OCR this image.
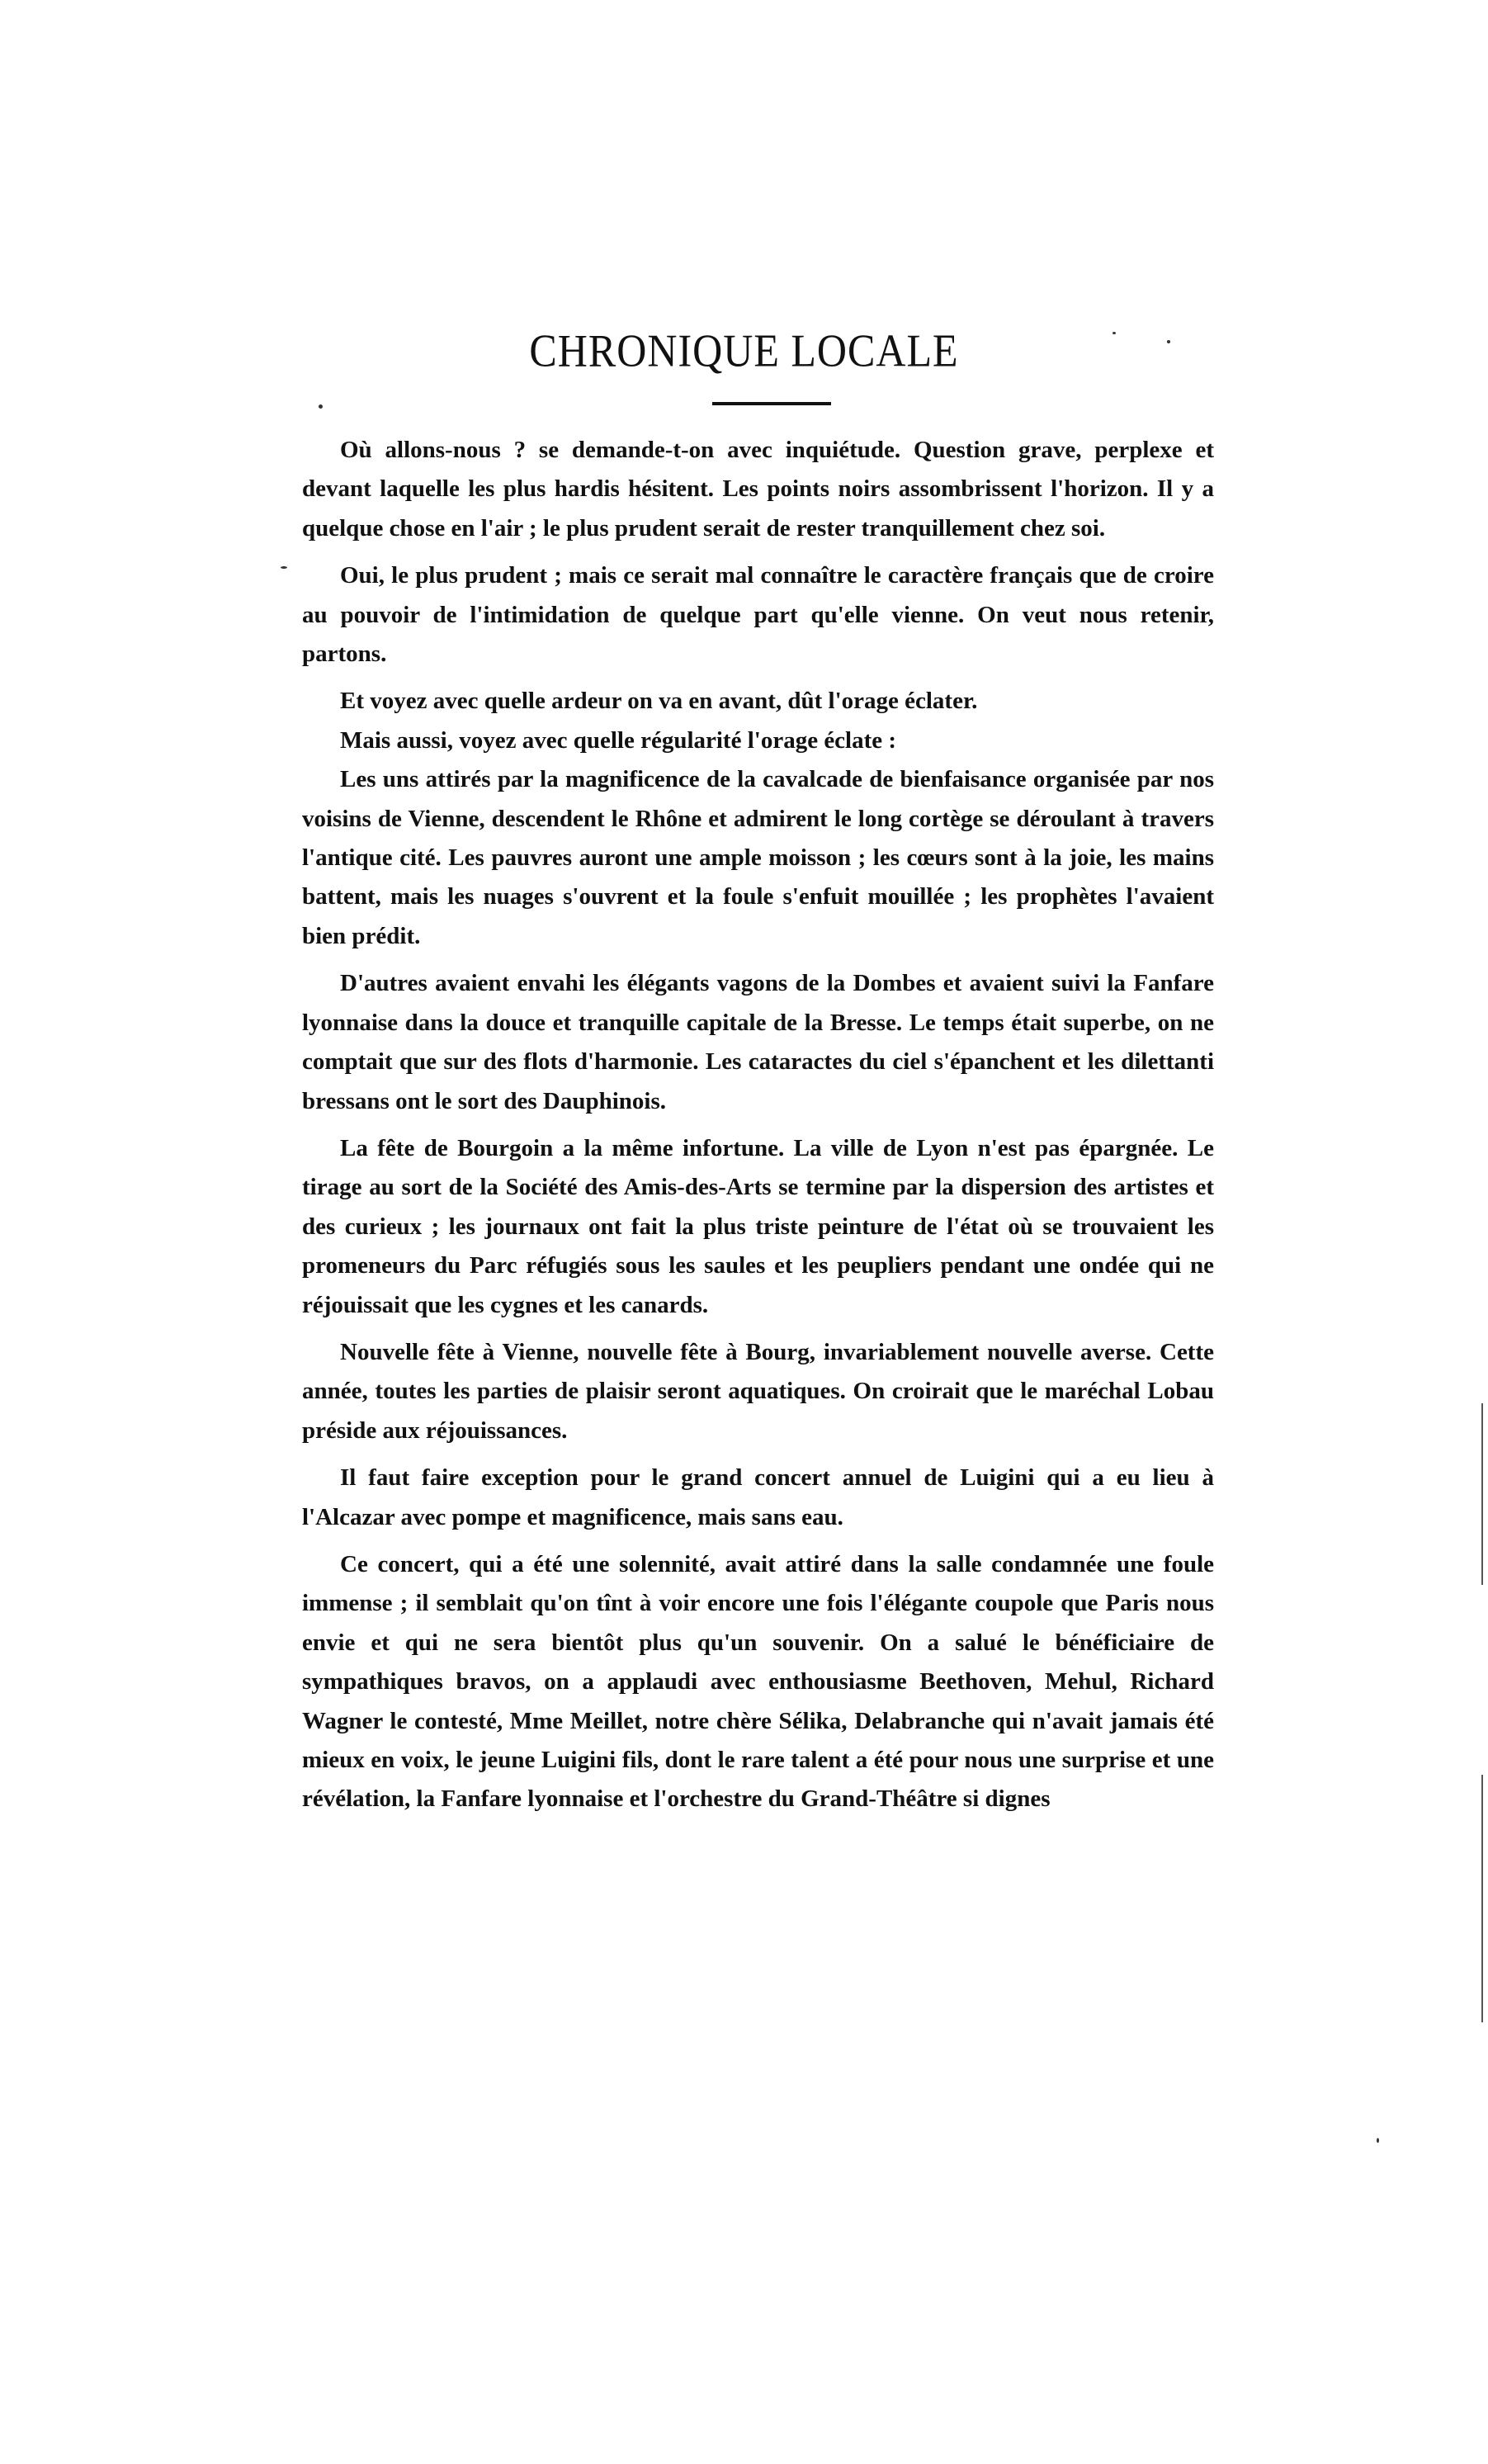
CHRONIQUE LOCALE

Où allons-nous ? se demande-t-on avec inquiétude. Question grave, perplexe et devant laquelle les plus hardis hésitent. Les points noirs assombrissent l'horizon. Il y a quelque chose en l'air ; le plus prudent serait de rester tranquillement chez soi.

Oui, le plus prudent ; mais ce serait mal connaître le caractère français que de croire au pouvoir de l'intimidation de quelque part qu'elle vienne. On veut nous retenir, partons.

Et voyez avec quelle ardeur on va en avant, dût l'orage éclater.

Mais aussi, voyez avec quelle régularité l'orage éclate :

Les uns attirés par la magnificence de la cavalcade de bienfaisance organisée par nos voisins de Vienne, descendent le Rhône et admirent le long cortège se déroulant à travers l'antique cité. Les pauvres auront une ample moisson ; les cœurs sont à la joie, les mains battent, mais les nuages s'ouvrent et la foule s'enfuit mouillée ; les prophètes l'avaient bien prédit.

D'autres avaient envahi les élégants vagons de la Dombes et avaient suivi la Fanfare lyonnaise dans la douce et tranquille capitale de la Bresse. Le temps était superbe, on ne comptait que sur des flots d'harmonie. Les cataractes du ciel s'épanchent et les dilettanti bressans ont le sort des Dauphinois.

La fête de Bourgoin a la même infortune. La ville de Lyon n'est pas épargnée. Le tirage au sort de la Société des Amis-des-Arts se termine par la dispersion des artistes et des curieux ; les journaux ont fait la plus triste peinture de l'état où se trouvaient les promeneurs du Parc réfugiés sous les saules et les peupliers pendant une ondée qui ne réjouissait que les cygnes et les canards.

Nouvelle fête à Vienne, nouvelle fête à Bourg, invariablement nouvelle averse. Cette année, toutes les parties de plaisir seront aquatiques. On croirait que le maréchal Lobau préside aux réjouissances.

Il faut faire exception pour le grand concert annuel de Luigini qui a eu lieu à l'Alcazar avec pompe et magnificence, mais sans eau.

Ce concert, qui a été une solennité, avait attiré dans la salle condamnée une foule immense ; il semblait qu'on tînt à voir encore une fois l'élégante coupole que Paris nous envie et qui ne sera bientôt plus qu'un souvenir. On a salué le bénéficiaire de sympathiques bravos, on a applaudi avec enthousiasme Beethoven, Mehul, Richard Wagner le contesté, Mme Meillet, notre chère Sélika, Delabranche qui n'avait jamais été mieux en voix, le jeune Luigini fils, dont le rare talent a été pour nous une surprise et une révélation, la Fanfare lyonnaise et l'orchestre du Grand-Théâtre si dignes
